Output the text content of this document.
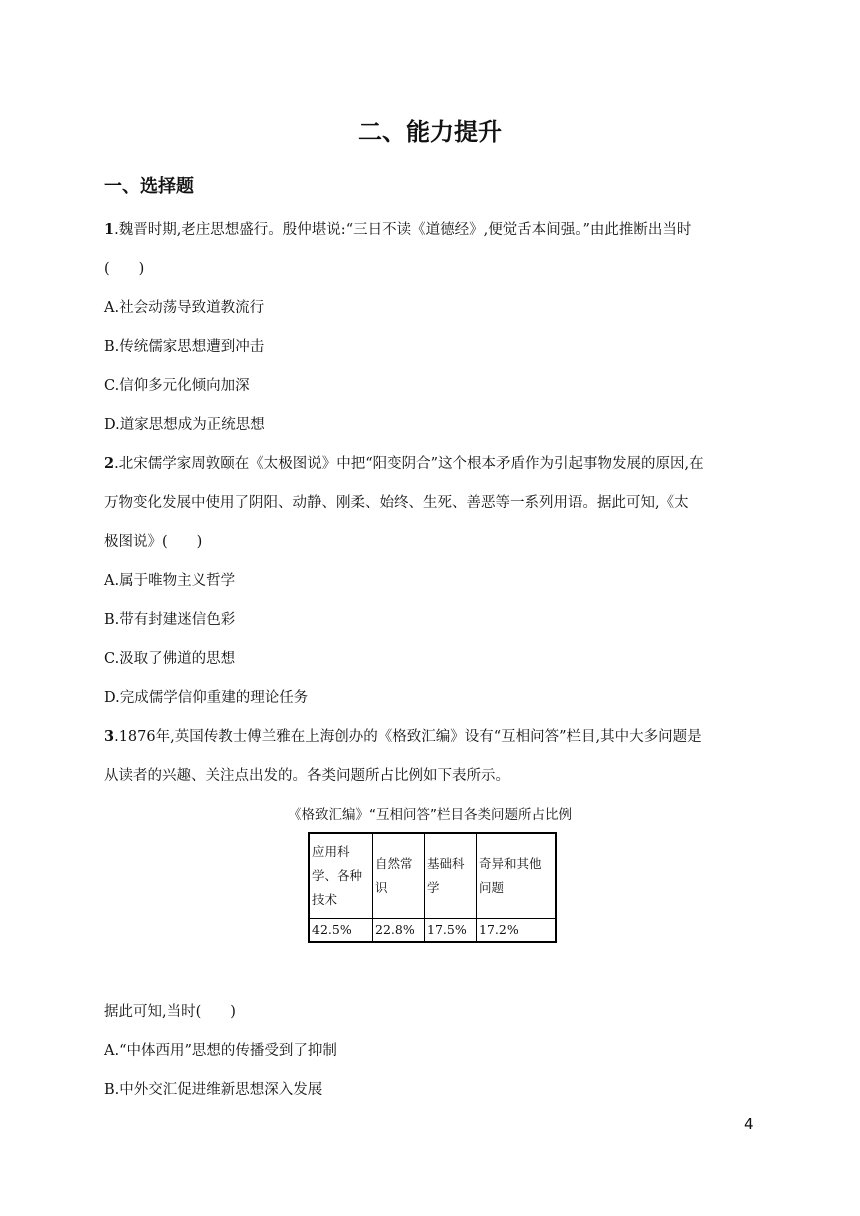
二、能力提升
一、选择题
1.魏晋时期,老庄思想盛行。殷仲堪说:“三日不读《道德经》,便觉舌本间强。”由此推断出当时
(　　)
A.社会动荡导致道教流行
B.传统儒家思想遭到冲击
C.信仰多元化倾向加深
D.道家思想成为正统思想
2.北宋儒学家周敦颐在《太极图说》中把“阳变阴合”这个根本矛盾作为引起事物发展的原因,在
万物变化发展中使用了阴阳、动静、刚柔、始终、生死、善恶等一系列用语。据此可知,《太
极图说》(　　)
A.属于唯物主义哲学
B.带有封建迷信色彩
C.汲取了佛道的思想
D.完成儒学信仰重建的理论任务
3.1876年,英国传教士傅兰雅在上海创办的《格致汇编》设有“互相问答”栏目,其中大多问题是
从读者的兴趣、关注点出发的。各类问题所占比例如下表所示。
《格致汇编》“互相问答”栏目各类问题所占比例
应用科学、各种技术	自然常识	基础科学	奇异和其他问题
42.5%	22.8%	17.5%	17.2%
据此可知,当时(　　)
A.“中体西用”思想的传播受到了抑制
B.中外交汇促进维新思想深入发展
4
